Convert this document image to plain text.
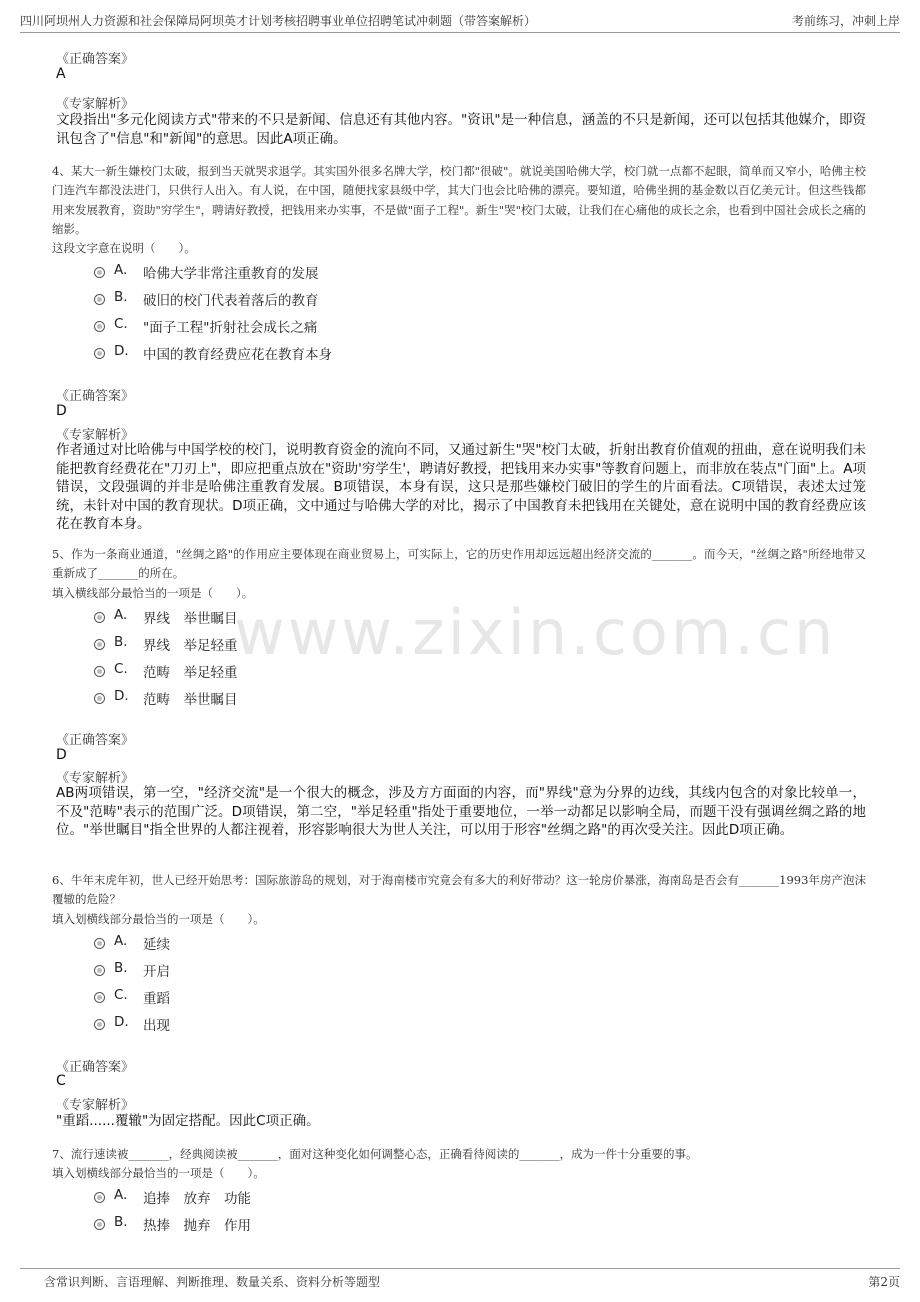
四川阿坝州人力资源和社会保障局阿坝英才计划考核招聘事业单位招聘笔试冲刺题（带答案解析）	考前练习，冲刺上岸
www.zixin.com.cn
《正确答案》
A
《专家解析》
文段指出"多元化阅读方式"带来的不只是新闻、信息还有其他内容。"资讯"是一种信息，涵盖的不只是新闻，还可以包括其他媒介，即资讯包含了"信息"和"新闻"的意思。因此A项正确。
4、某大一新生嫌校门太破，报到当天就哭求退学。其实国外很多名牌大学，校门都"很破"。就说美国哈佛大学，校门就一点都不起眼，简单而又窄小，哈佛主校门连汽车都没法进门，只供行人出入。有人说，在中国，随便找家县级中学，其大门也会比哈佛的漂亮。要知道，哈佛坐拥的基金数以百亿美元计。但这些钱都用来发展教育，资助"穷学生"，聘请好教授，把钱用来办实事，不是做"面子工程"。新生"哭"校门太破，让我们在心痛他的成长之余，也看到中国社会成长之痛的缩影。
这段文字意在说明（　　）。
A. 哈佛大学非常注重教育的发展
B. 破旧的校门代表着落后的教育
C. "面子工程"折射社会成长之痛
D. 中国的教育经费应花在教育本身
《正确答案》
D
《专家解析》
作者通过对比哈佛与中国学校的校门，说明教育资金的流向不同，又通过新生"哭"校门太破，折射出教育价值观的扭曲，意在说明我们未能把教育经费花在"刀刃上"，即应把重点放在"资助'穷学生'，聘请好教授，把钱用来办实事"等教育问题上，而非放在装点"门面"上。A项错误，文段强调的并非是哈佛注重教育发展。B项错误，本身有误，这只是那些嫌校门破旧的学生的片面看法。C项错误，表述太过笼统，未针对中国的教育现状。D项正确，文中通过与哈佛大学的对比，揭示了中国教育未把钱用在关键处，意在说明中国的教育经费应该花在教育本身。
5、作为一条商业通道，"丝绸之路"的作用应主要体现在商业贸易上，可实际上，它的历史作用却远远超出经济交流的_______。而今天，"丝绸之路"所经地带又重新成了_______的所在。
填入横线部分最恰当的一项是（　　）。
A. 界线　举世瞩目
B. 界线　举足轻重
C. 范畴　举足轻重
D. 范畴　举世瞩目
《正确答案》
D
《专家解析》
AB两项错误，第一空，"经济交流"是一个很大的概念，涉及方方面面的内容，而"界线"意为分界的边线，其线内包含的对象比较单一，不及"范畴"表示的范围广泛。D项错误，第二空，"举足轻重"指处于重要地位，一举一动都足以影响全局，而题干没有强调丝绸之路的地位。"举世瞩目"指全世界的人都注视着，形容影响很大为世人关注，可以用于形容"丝绸之路"的再次受关注。因此D项正确。
6、牛年末虎年初，世人已经开始思考：国际旅游岛的规划，对于海南楼市究竟会有多大的利好带动？这一轮房价暴涨，海南岛是否会有_______1993年房产泡沫覆辙的危险？
填入划横线部分最恰当的一项是（　　）。
A. 延续
B. 开启
C. 重蹈
D. 出现
《正确答案》
C
《专家解析》
"重蹈......覆辙"为固定搭配。因此C项正确。
7、流行速读被_______，经典阅读被_______，面对这种变化如何调整心态，正确看待阅读的_______，成为一件十分重要的事。
填入划横线部分最恰当的一项是（　　）。
A. 追捧　放弃　功能
B. 热捧　抛弃　作用
含常识判断、言语理解、判断推理、数量关系、资料分析等题型	第2页
